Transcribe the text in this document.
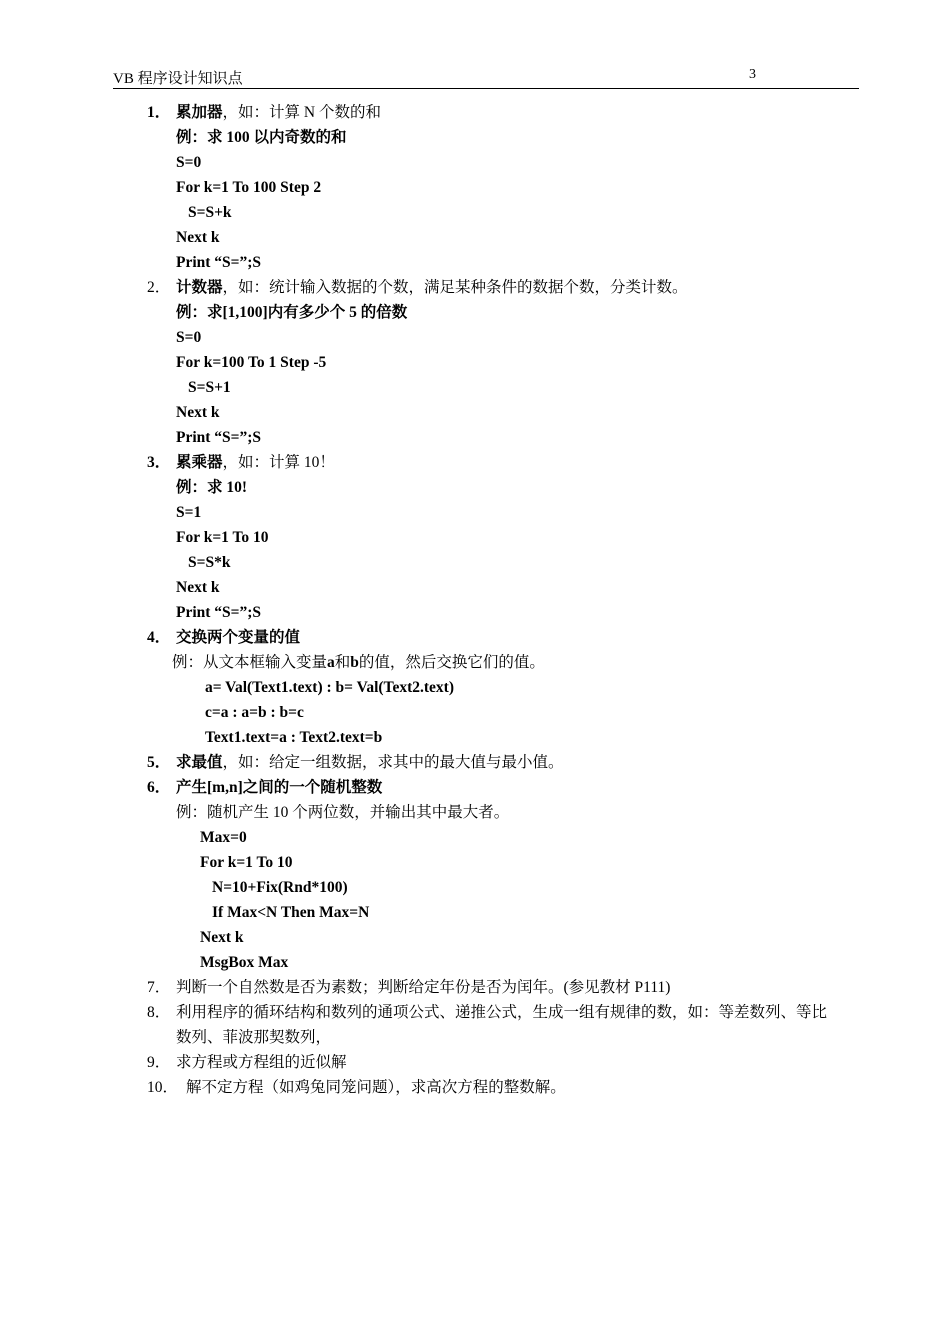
VB 程序设计知识点	3
1． 累加器，如：计算 N 个数的和
例：求 100 以内奇数的和
S=0
For k=1 To 100 Step 2
S=S+k
Next k
Print “S=”;S
2． 计数器，如：统计输入数据的个数，满足某种条件的数据个数，分类计数。
例：求[1,100]内有多少个 5 的倍数
S=0
For k=100 To 1 Step -5
S=S+1
Next k
Print “S=”;S
3． 累乘器，如：计算 10！
例：求 10!
S=1
For k=1 To 10
S=S*k
Next k
Print “S=”;S
4． 交换两个变量的值
例：从文本框输入变量a和b的值，然后交换它们的值。
a= Val(Text1.text) : b= Val(Text2.text)
c=a : a=b : b=c
Text1.text=a : Text2.text=b
5． 求最值，如：给定一组数据，求其中的最大值与最小值。
6． 产生[m,n]之间的一个随机整数
例：随机产生 10 个两位数，并输出其中最大者。
Max=0
For k=1 To 10
N=10+Fix(Rnd*100)
If Max<N Then Max=N
Next k
MsgBox Max
7． 判断一个自然数是否为素数；判断给定年份是否为闰年。(参见教材 P111)
8． 利用程序的循环结构和数列的通项公式、递推公式，生成一组有规律的数，如：等差数列、等比
数列、菲波那契数列，
9． 求方程或方程组的近似解
10． 解不定方程（如鸡兔同笼问题），求高次方程的整数解。
